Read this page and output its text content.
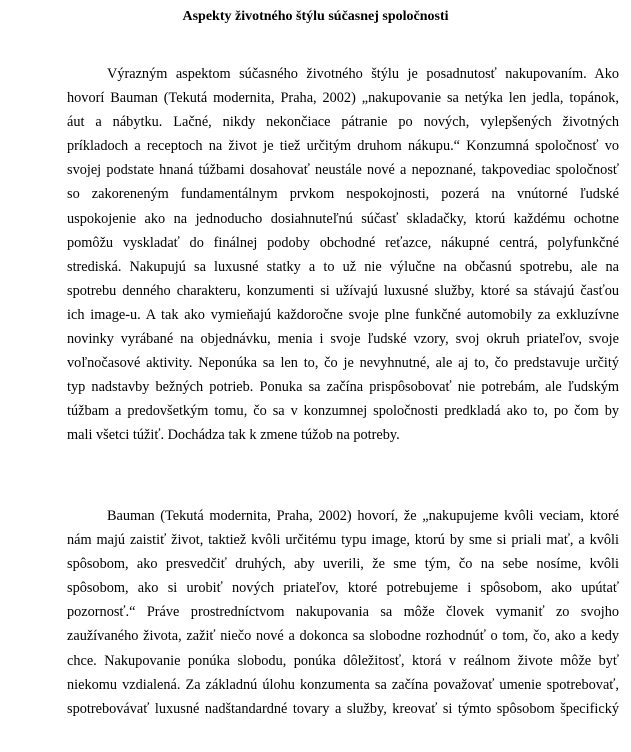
Aspekty životného štýlu súčasnej spoločnosti
Výrazným aspektom súčasného životného štýlu je posadnutosť nakupovaním. Ako
hovorí Bauman (Tekutá modernita, Praha, 2002) „nakupovanie sa netýka len jedla, topánok,
áut a nábytku. Lačné, nikdy nekončiace pátranie po nových, vylepšených životných
príkladoch a receptoch na život je tiež určitým druhom nákupu.“ Konzumná spoločnosť vo
svojej podstate hnaná túžbami dosahovať neustále nové a nepoznané, takpovediac spoločnosť
so zakoreneným fundamentálnym prvkom nespokojnosti, pozerá na vnútorné ľudské
uspokojenie ako na jednoducho dosiahnuteľnú súčasť skladačky, ktorú každému ochotne
pomôžu vyskladať do finálnej podoby obchodné reťazce, nákupné centrá, polyfunkčné
strediská. Nakupujú sa luxusné statky a to už nie výlučne na občasnú spotrebu, ale na
spotrebu denného charakteru, konzumenti si užívajú luxusné služby, ktoré sa stávajú časťou
ich image-u. A tak ako vymieňajú každoročne svoje plne funkčné automobily za exkluzívne
novinky vyrábané na objednávku, menia i svoje ľudské vzory, svoj okruh priateľov, svoje
voľnočasové aktivity. Neponúka sa len to, čo je nevyhnutné, ale aj to, čo predstavuje určitý
typ nadstavby bežných potrieb. Ponuka sa začína prispôsobovať nie potrebám, ale ľudským
túžbam a predovšetkým tomu, čo sa v konzumnej spoločnosti predkladá ako to, po čom by
mali všetci túžiť. Dochádza tak k zmene túžob na potreby.
Bauman (Tekutá modernita, Praha, 2002) hovorí, že „nakupujeme kvôli veciam, ktoré
nám majú zaistiť život, taktiež kvôli určitému typu image, ktorú by sme si priali mať, a kvôli
spôsobom, ako presvedčiť druhých, aby uverili, že sme tým, čo na sebe nosíme, kvôli
spôsobom, ako si urobiť nových priateľov, ktoré potrebujeme i spôsobom, ako upútať
pozornosť.“ Práve prostredníctvom nakupovania sa môže človek vymaniť zo svojho
zaužívaného života, zažiť niečo nové a dokonca sa slobodne rozhodnúť o tom, čo, ako a kedy
chce. Nakupovanie ponúka slobodu, ponúka dôležitosť, ktorá v reálnom živote môže byť
niekomu vzdialená. Za základnú úlohu konzumenta sa začína považovať umenie spotrebovať,
spotrebovávať luxusné nadštandardné tovary a služby, kreovať si týmto spôsobom špecifický
